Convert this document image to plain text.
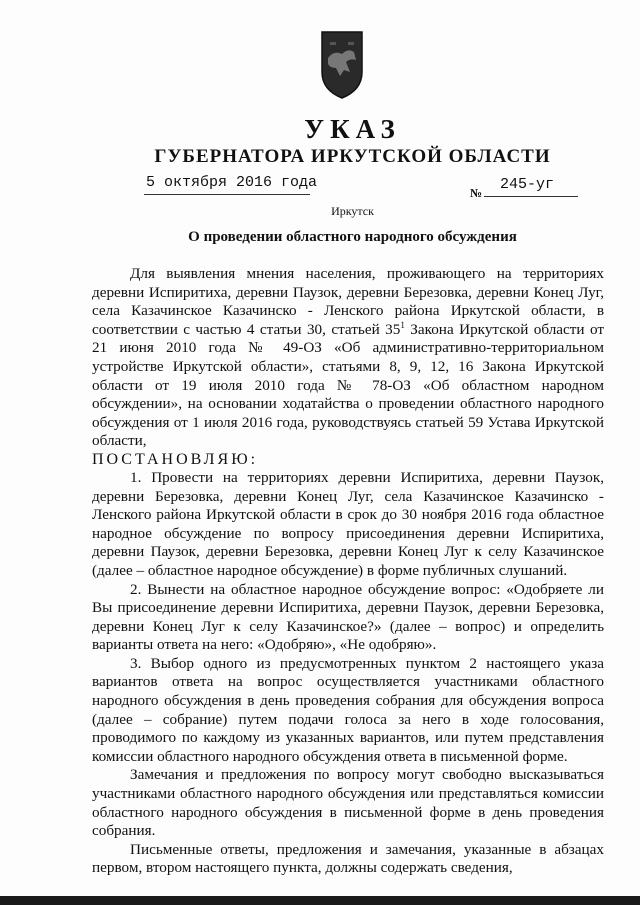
УКАЗ
ГУБЕРНАТОРА ИРКУТСКОЙ ОБЛАСТИ
5 октября 2016 года
№ 245-уг
Иркутск
О проведении областного народного обсуждения

Для выявления мнения населения, проживающего на территориях деревни Испиритиха, деревни Паузок, деревни Березовка, деревни Конец Луг, села Казачинское Казачинско - Ленского района Иркутской области, в соответствии с частью 4 статьи 30, статьей $35^1$ Закона Иркутской области от 21 июня 2010 года № 49-ОЗ «Об административно-территориальном устройстве Иркутской области», статьями 8, 9, 12, 16 Закона Иркутской области от 19 июля 2010 года № 78-ОЗ «Об областном народном обсуждении», на основании ходатайства о проведении областного народного обсуждения от 1 июля 2016 года, руководствуясь статьей 59 Устава Иркутской области,

ПОСТАНОВЛЯЮ:

1. Провести на территориях деревни Испиритиха, деревни Паузок, деревни Березовка, деревни Конец Луг, села Казачинское Казачинско - Ленского района Иркутской области в срок до 30 ноября 2016 года областное народное обсуждение по вопросу присоединения деревни Испиритиха, деревни Паузок, деревни Березовка, деревни Конец Луг к селу Казачинское (далее – областное народное обсуждение) в форме публичных слушаний.

2. Вынести на областное народное обсуждение вопрос: «Одобряете ли Вы присоединение деревни Испиритиха, деревни Паузок, деревни Березовка, деревни Конец Луг к селу Казачинское?» (далее – вопрос) и определить варианты ответа на него: «Одобряю», «Не одобряю».

3. Выбор одного из предусмотренных пунктом 2 настоящего указа вариантов ответа на вопрос осуществляется участниками областного народного обсуждения в день проведения собрания для обсуждения вопроса (далее – собрание) путем подачи голоса за него в ходе голосования, проводимого по каждому из указанных вариантов, или путем представления комиссии областного народного обсуждения ответа в письменной форме.

Замечания и предложения по вопросу могут свободно высказываться участниками областного народного обсуждения или представляться комиссии областного народного обсуждения в письменной форме в день проведения собрания.

Письменные ответы, предложения и замечания, указанные в абзацах первом, втором настоящего пункта, должны содержать сведения,
